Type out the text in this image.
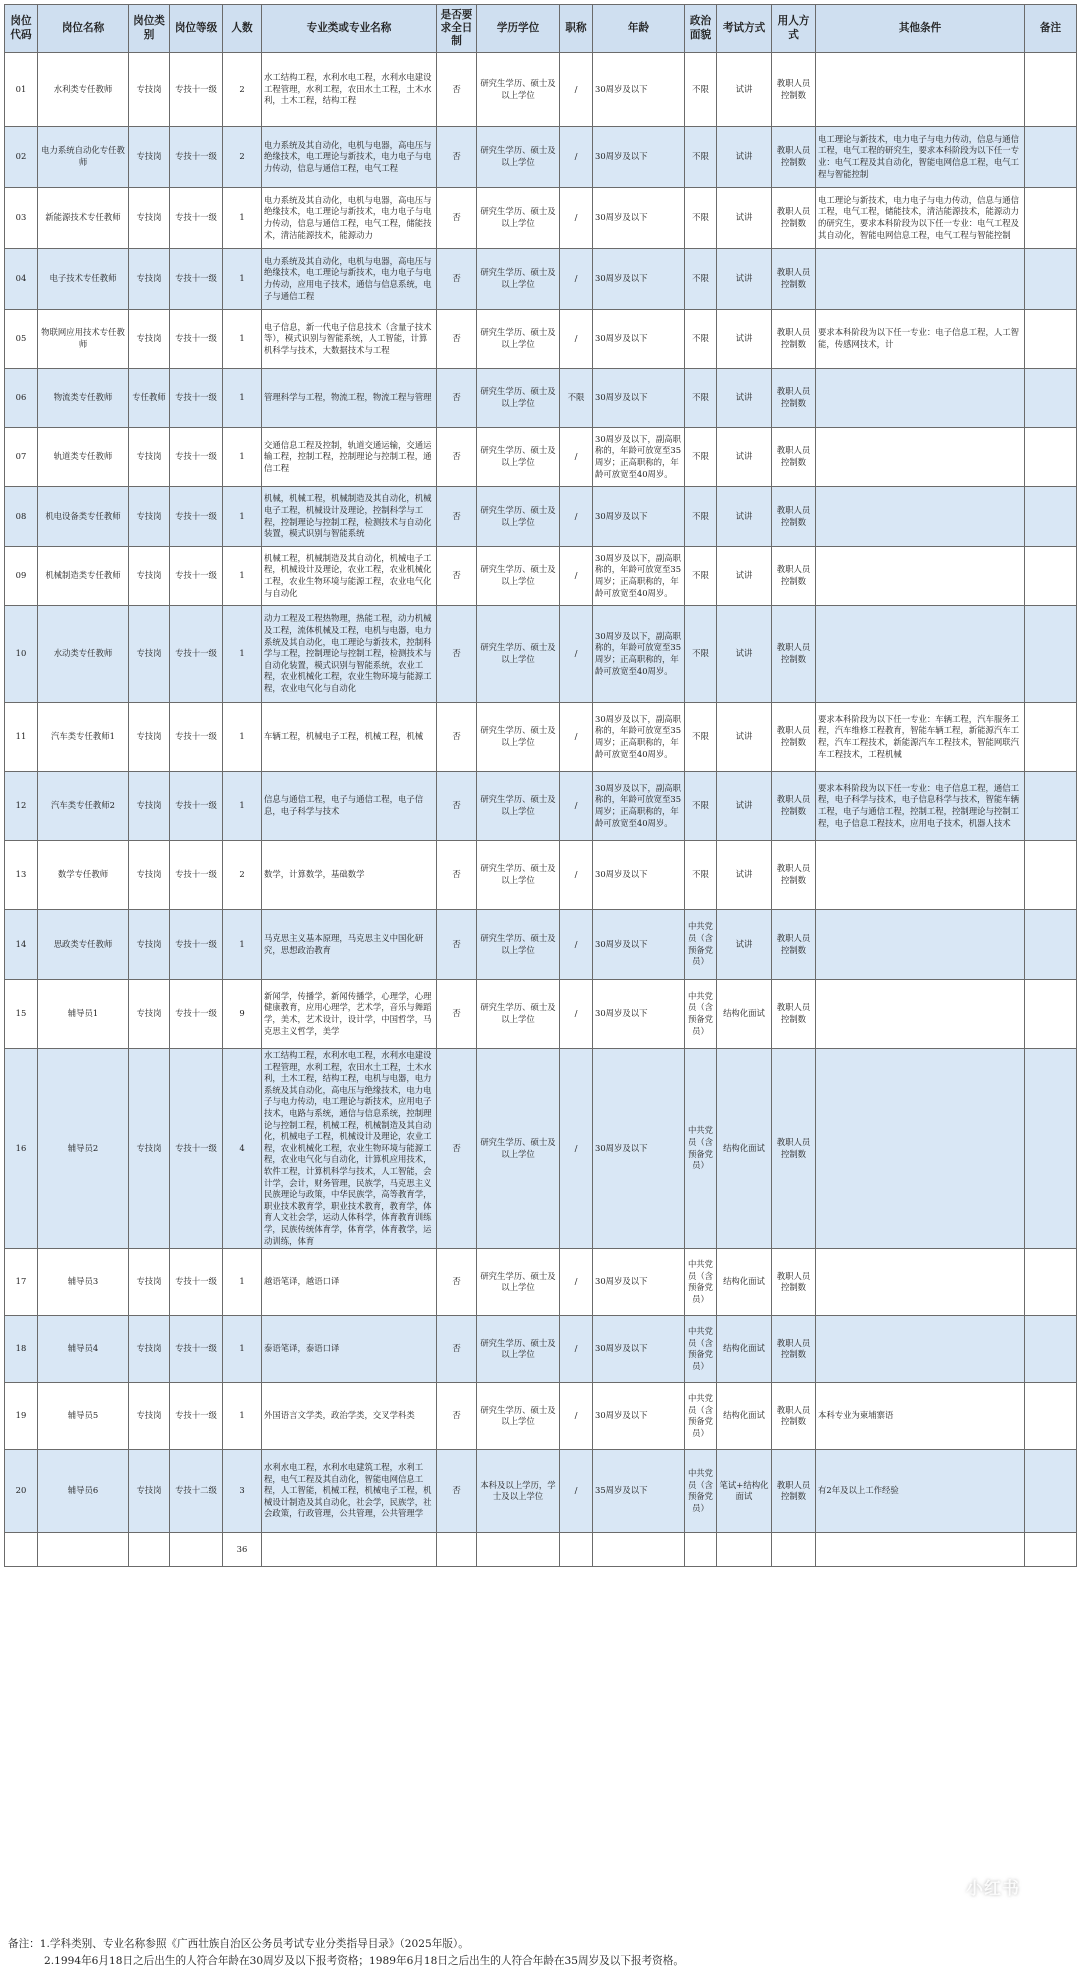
岗位代码	岗位名称	岗位类别	岗位等级	人数	专业类或专业名称	是否要求全日制	学历学位	职称	年龄	政治面貌	考试方式	用人方式	其他条件	备注
01	水利类专任教师	专技岗	专技十一级	2	水工结构工程，水利水电工程，水利水电建设工程管理，水利工程，农田水土工程，土木水利，土木工程，结构工程	否	研究生学历、硕士及以上学位	/	30周岁及以下	不限	试讲	教职人员控制数		
02	电力系统自动化专任教师	专技岗	专技十一级	2	电力系统及其自动化，电机与电器，高电压与绝缘技术，电工理论与新技术，电力电子与电力传动，信息与通信工程，电气工程	否	研究生学历、硕士及以上学位	/	30周岁及以下	不限	试讲	教职人员控制数	电工理论与新技术，电力电子与电力传动，信息与通信工程，电气工程的研究生，要求本科阶段为以下任一专业：电气工程及其自动化，智能电网信息工程，电气工程与智能控制	
03	新能源技术专任教师	专技岗	专技十一级	1	电力系统及其自动化，电机与电器，高电压与绝缘技术，电工理论与新技术，电力电子与电力传动，信息与通信工程，电气工程，储能技术，清洁能源技术，能源动力	否	研究生学历、硕士及以上学位	/	30周岁及以下	不限	试讲	教职人员控制数	电工理论与新技术，电力电子与电力传动，信息与通信工程，电气工程，储能技术，清洁能源技术，能源动力的研究生，要求本科阶段为以下任一专业：电气工程及其自动化，智能电网信息工程，电气工程与智能控制	
04	电子技术专任教师	专技岗	专技十一级	1	电力系统及其自动化，电机与电器，高电压与绝缘技术，电工理论与新技术，电力电子与电力传动，应用电子技术，通信与信息系统，电子与通信工程	否	研究生学历、硕士及以上学位	/	30周岁及以下	不限	试讲	教职人员控制数		
05	物联网应用技术专任教师	专技岗	专技十一级	1	电子信息，新一代电子信息技术（含量子技术等），模式识别与智能系统，人工智能，计算机科学与技术，大数据技术与工程	否	研究生学历、硕士及以上学位	/	30周岁及以下	不限	试讲	教职人员控制数	要求本科阶段为以下任一专业：电子信息工程，人工智能，传感网技术，计	
06	物流类专任教师	专任教师	专技十一级	1	管理科学与工程，物流工程，物流工程与管理	否	研究生学历、硕士及以上学位	不限	30周岁及以下	不限	试讲	教职人员控制数		
07	轨道类专任教师	专技岗	专技十一级	1	交通信息工程及控制，轨道交通运输，交通运输工程，控制工程，控制理论与控制工程，通信工程	否	研究生学历、硕士及以上学位	/	30周岁及以下，副高职称的，年龄可放宽至35周岁；正高职称的，年龄可放宽至40周岁。	不限	试讲	教职人员控制数		
08	机电设备类专任教师	专技岗	专技十一级	1	机械，机械工程，机械制造及其自动化，机械电子工程，机械设计及理论，控制科学与工程，控制理论与控制工程，检测技术与自动化装置，模式识别与智能系统	否	研究生学历、硕士及以上学位	/	30周岁及以下	不限	试讲	教职人员控制数		
09	机械制造类专任教师	专技岗	专技十一级	1	机械工程，机械制造及其自动化，机械电子工程，机械设计及理论，农业工程，农业机械化工程，农业生物环境与能源工程，农业电气化与自动化	否	研究生学历、硕士及以上学位	/	30周岁及以下，副高职称的，年龄可放宽至35周岁；正高职称的，年龄可放宽至40周岁。	不限	试讲	教职人员控制数		
10	水动类专任教师	专技岗	专技十一级	1	动力工程及工程热物理，热能工程，动力机械及工程，流体机械及工程，电机与电器，电力系统及其自动化，电工理论与新技术，控制科学与工程，控制理论与控制工程，检测技术与自动化装置，模式识别与智能系统，农业工程，农业机械化工程，农业生物环境与能源工程，农业电气化与自动化	否	研究生学历、硕士及以上学位	/	30周岁及以下，副高职称的，年龄可放宽至35周岁；正高职称的，年龄可放宽至40周岁。	不限	试讲	教职人员控制数		
11	汽车类专任教师1	专技岗	专技十一级	1	车辆工程，机械电子工程，机械工程，机械	否	研究生学历、硕士及以上学位	/	30周岁及以下，副高职称的，年龄可放宽至35周岁；正高职称的，年龄可放宽至40周岁。	不限	试讲	教职人员控制数	要求本科阶段为以下任一专业：车辆工程，汽车服务工程，汽车维修工程教育，智能车辆工程，新能源汽车工程，汽车工程技术，新能源汽车工程技术，智能网联汽车工程技术，工程机械	
12	汽车类专任教师2	专技岗	专技十一级	1	信息与通信工程，电子与通信工程，电子信息，电子科学与技术	否	研究生学历、硕士及以上学位	/	30周岁及以下，副高职称的，年龄可放宽至35周岁；正高职称的，年龄可放宽至40周岁。	不限	试讲	教职人员控制数	要求本科阶段为以下任一专业：电子信息工程，通信工程，电子科学与技术，电子信息科学与技术，智能车辆工程，电子与通信工程，控制工程，控制理论与控制工程，电子信息工程技术，应用电子技术，机器人技术	
13	数学专任教师	专技岗	专技十一级	2	数学，计算数学，基础数学	否	研究生学历、硕士及以上学位	/	30周岁及以下	不限	试讲	教职人员控制数		
14	思政类专任教师	专技岗	专技十一级	1	马克思主义基本原理，马克思主义中国化研究，思想政治教育	否	研究生学历、硕士及以上学位	/	30周岁及以下	中共党员（含预备党员）	试讲	教职人员控制数		
15	辅导员1	专技岗	专技十一级	9	新闻学，传播学，新闻传播学，心理学，心理健康教育，应用心理学，艺术学，音乐与舞蹈学，美术，艺术设计，设计学，中国哲学，马克思主义哲学，美学	否	研究生学历、硕士及以上学位	/	30周岁及以下	中共党员（含预备党员）	结构化面试	教职人员控制数		
16	辅导员2	专技岗	专技十一级	4	水工结构工程，水利水电工程，水利水电建设工程管理，水利工程，农田水土工程，土木水利，土木工程，结构工程，电机与电器，电力系统及其自动化，高电压与绝缘技术，电力电子与电力传动，电工理论与新技术，应用电子技术，电路与系统，通信与信息系统，控制理论与控制工程，机械工程，机械制造及其自动化，机械电子工程，机械设计及理论，农业工程，农业机械化工程，农业生物环境与能源工程，农业电气化与自动化，计算机应用技术，软件工程，计算机科学与技术，人工智能，会计学，会计，财务管理，民族学，马克思主义民族理论与政策，中华民族学，高等教育学，职业技术教育学，职业技术教育，教育学，体育人文社会学，运动人体科学，体育教育训练学，民族传统体育学，体育学，体育教学，运动训练，体育	否	研究生学历、硕士及以上学位	/	30周岁及以下	中共党员（含预备党员）	结构化面试	教职人员控制数		
17	辅导员3	专技岗	专技十一级	1	越语笔译，越语口译	否	研究生学历、硕士及以上学位	/	30周岁及以下	中共党员（含预备党员）	结构化面试	教职人员控制数		
18	辅导员4	专技岗	专技十一级	1	泰语笔译，泰语口译	否	研究生学历、硕士及以上学位	/	30周岁及以下	中共党员（含预备党员）	结构化面试	教职人员控制数		
19	辅导员5	专技岗	专技十一级	1	外国语言文学类，政治学类，交叉学科类	否	研究生学历、硕士及以上学位	/	30周岁及以下	中共党员（含预备党员）	结构化面试	教职人员控制数	本科专业为柬埔寨语	
20	辅导员6	专技岗	专技十二级	3	水利水电工程，水利水电建筑工程，水利工程，电气工程及其自动化，智能电网信息工程，人工智能，机械工程，机械电子工程，机械设计制造及其自动化，社会学，民族学，社会政策，行政管理，公共管理，公共管理学	否	本科及以上学历，学士及以上学位	/	35周岁及以下	中共党员（含预备党员）	笔试+结构化面试	教职人员控制数	有2年及以上工作经验	
				36										
备注：1.学科类别、专业名称参照《广西壮族自治区公务员考试专业分类指导目录》（2025年版）。
2.1994年6月18日之后出生的人符合年龄在30周岁及以下报考资格；1989年6月18日之后出生的人符合年龄在35周岁及以下报考资格。
小红书
